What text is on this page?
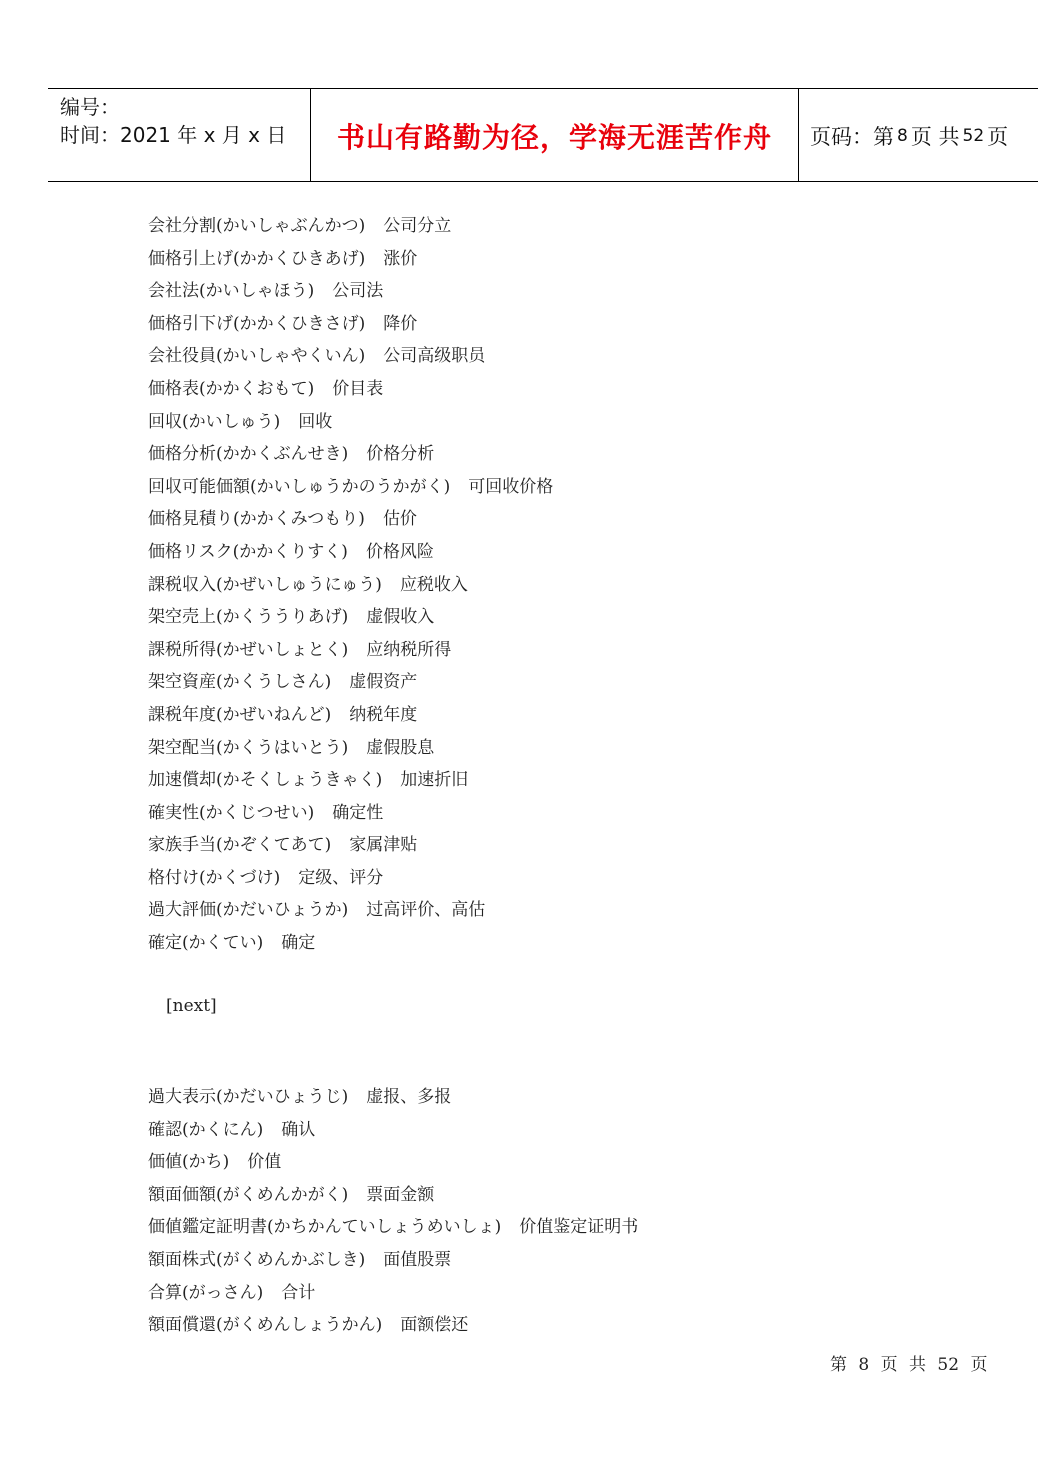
编号：
时间：2021 年 x 月 x 日	书山有路勤为径，学海无涯苦作舟	页码：第 8 页 共 52 页
会社分割(かいしゃぶんかつ) 公司分立
価格引上げ(かかくひきあげ) 涨价
会社法(かいしゃほう) 公司法
価格引下げ(かかくひきさげ) 降价
会社役員(かいしゃやくいん) 公司高级职员
価格表(かかくおもて) 价目表
回収(かいしゅう) 回收
価格分析(かかくぶんせき) 价格分析
回収可能価額(かいしゅうかのうかがく) 可回收价格
価格見積り(かかくみつもり) 估价
価格リスク(かかくりすく) 价格风险
課税収入(かぜいしゅうにゅう) 应税收入
架空売上(かくううりあげ) 虚假收入
課税所得(かぜいしょとく) 应纳税所得
架空資産(かくうしさん) 虚假资产
課税年度(かぜいねんど) 纳税年度
架空配当(かくうはいとう) 虚假股息
加速償却(かそくしょうきゃく) 加速折旧
確実性(かくじつせい) 确定性
家族手当(かぞくてあて) 家属津贴
格付け(かくづけ) 定级、评分
過大評価(かだいひょうか) 过高评价、高估
確定(かくてい) 确定
[next]
過大表示(かだいひょうじ) 虚报、多报
確認(かくにん) 确认
価値(かち) 价值
額面価額(がくめんかがく) 票面金额
価値鑑定証明書(かちかんていしょうめいしょ) 价值鉴定证明书
額面株式(がくめんかぶしき) 面值股票
合算(がっさん) 合计
額面償還(がくめんしょうかん) 面额偿还
第 8 页 共 52 页
